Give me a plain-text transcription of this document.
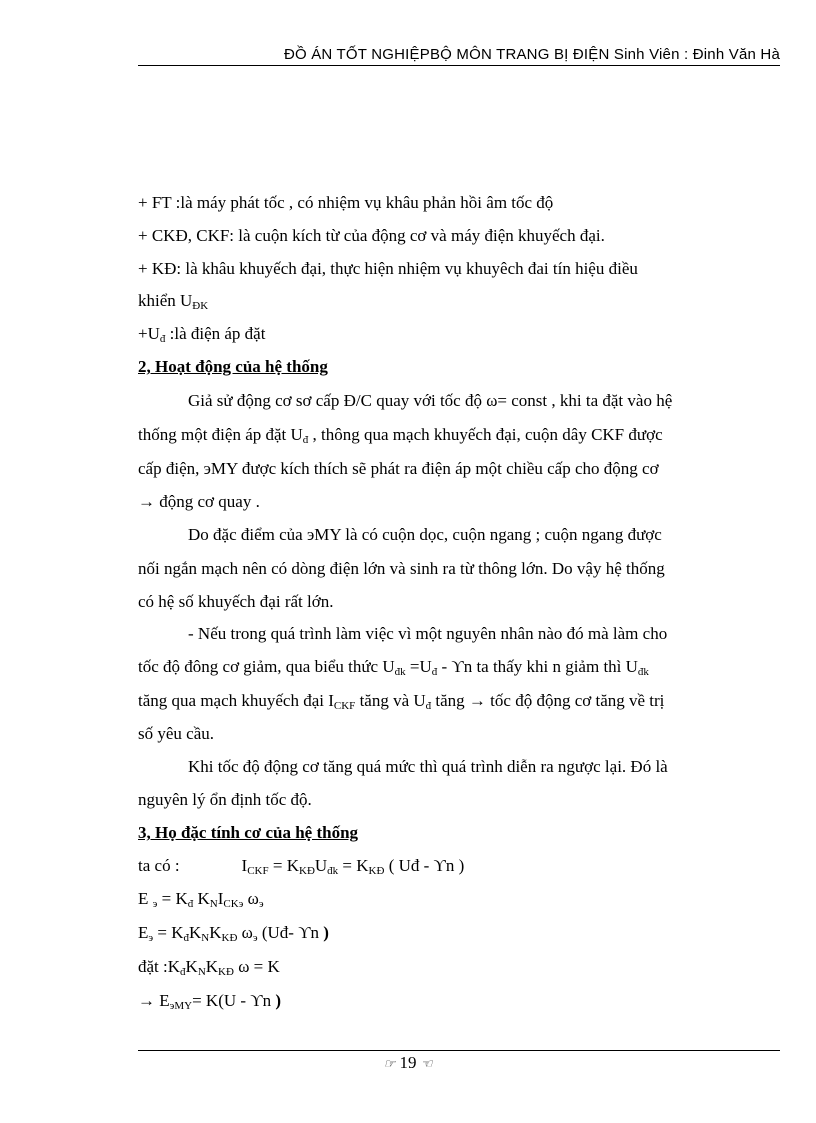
ĐỒ ÁN TỐT NGHIỆPBỘ MÔN TRANG BỊ ĐIỆN Sinh Viên : Đinh Văn Hà
+ FT :là máy phát tốc , có nhiệm vụ khâu phản hồi âm tốc độ
+ CKĐ, CKF: là cuộn kích từ của động cơ và máy điện khuyếch đại.
+ KĐ: là khâu khuyếch đại, thực hiện nhiệm vụ khuyêch đai tín hiệu điều
khiển $U_{ĐK}$
$+U_đ$ :là điện áp đặt
2, Hoạt động của hệ thống
Giả sử động cơ sơ cấp Đ/C quay với tốc độ ω= const , khi ta đặt vào hệ
thống một điện áp đặt $U_đ$ , thông qua mạch khuyếch đại, cuộn dây CKF được
cấp điện, эMY được kích thích sẽ phát ra điện áp một chiều cấp cho động cơ
→ động cơ quay .
Do đặc điểm của эMY là có cuộn dọc, cuộn ngang ; cuộn ngang được
nối ngắn mạch nên có dòng điện lớn và sinh ra từ thông lớn. Do vậy hệ thống
có hệ số khuyếch đại rất lớn.
- Nếu trong quá trình làm việc vì một nguyên nhân nào đó mà làm cho
tốc độ đông cơ giảm, qua biểu thức $U_{đk} =U_đ - ϒn$ ta thấy khi n giảm thì $U_{đk}$
tăng qua mạch khuyếch đại $I_{CKF}$ tăng và $U_đ$ tăng → tốc độ động cơ tăng về trị
số yêu cầu.
Khi tốc độ động cơ tăng quá mức thì quá trình diễn ra ngược lại. Đó là
nguyên lý ổn định tốc độ.
3, Họ đặc tính cơ của hệ thống
ta có :	$I_{CKF} = K_{KĐ}U_{đk} = K_{KĐ}$ ( Uđ - ϒn )
E $_э = K_đ$ $K_NI_{CKэ}$ $\omega_э$
$E_э = K_đK_NK_{KĐ}$ $\omega_э$ (Uđ- ϒn )
đặt $:K_đK_NK_{KĐ}$ ω = K
→ $E_{эMY}= K(U - ϒn$ )
☞ 19 ☜
